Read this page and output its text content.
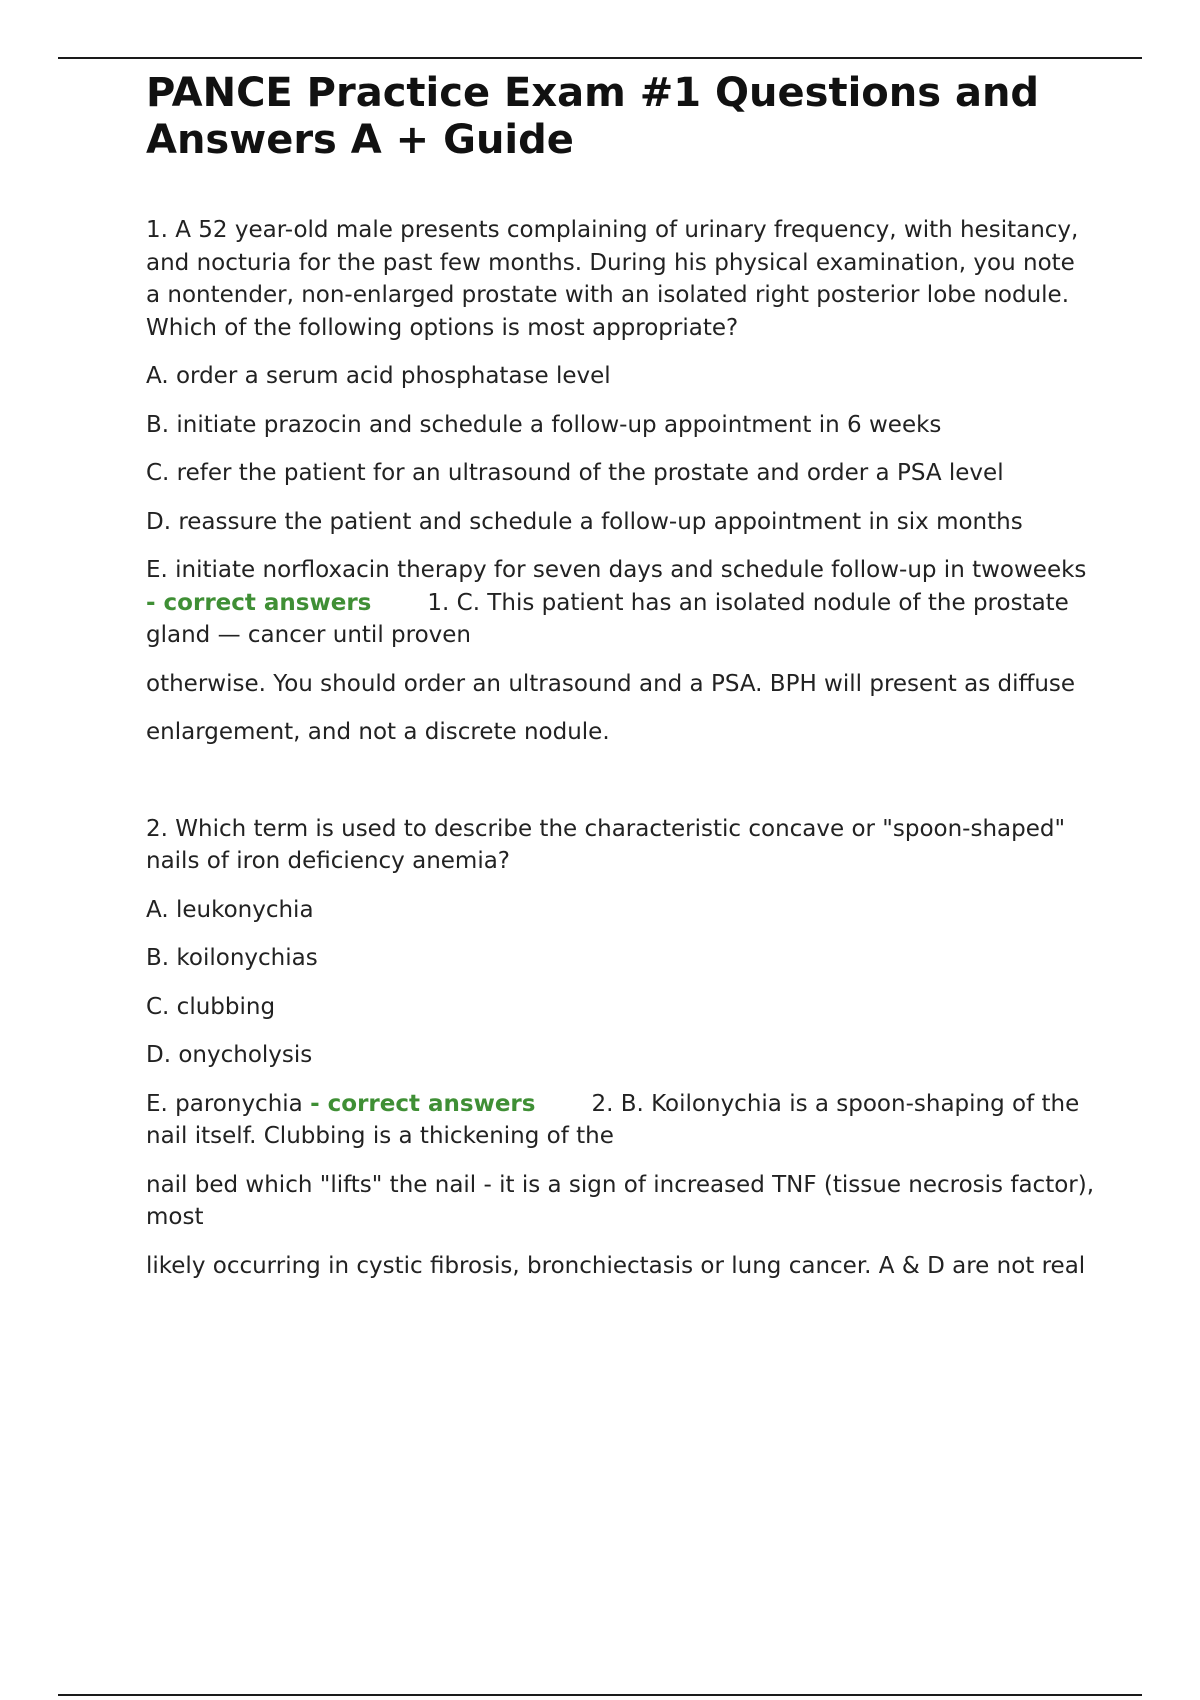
PANCE Practice Exam #1 Questions and Answers A + Guide

1. A 52 year-old male presents complaining of urinary frequency, with hesitancy, and nocturia for the past few months. During his physical examination, you note a nontender, non-enlarged prostate with an isolated right posterior lobe nodule. Which of the following options is most appropriate?

A. order a serum acid phosphatase level

B. initiate prazocin and schedule a follow-up appointment in 6 weeks

C. refer the patient for an ultrasound of the prostate and order a PSA level

D. reassure the patient and schedule a follow-up appointment in six months

E. initiate norfloxacin therapy for seven days and schedule follow-up in twoweeks - correct answers 1. C. This patient has an isolated nodule of the prostate gland — cancer until proven

otherwise. You should order an ultrasound and a PSA. BPH will present as diffuse

enlargement, and not a discrete nodule.

2. Which term is used to describe the characteristic concave or "spoon-shaped" nails of iron deficiency anemia?

A. leukonychia

B. koilonychias

C. clubbing

D. onycholysis

E. paronychia - correct answers 2. B. Koilonychia is a spoon-shaping of the nail itself. Clubbing is a thickening of the

nail bed which "lifts" the nail - it is a sign of increased TNF (tissue necrosis factor), most

likely occurring in cystic fibrosis, bronchiectasis or lung cancer. A & D are not real
